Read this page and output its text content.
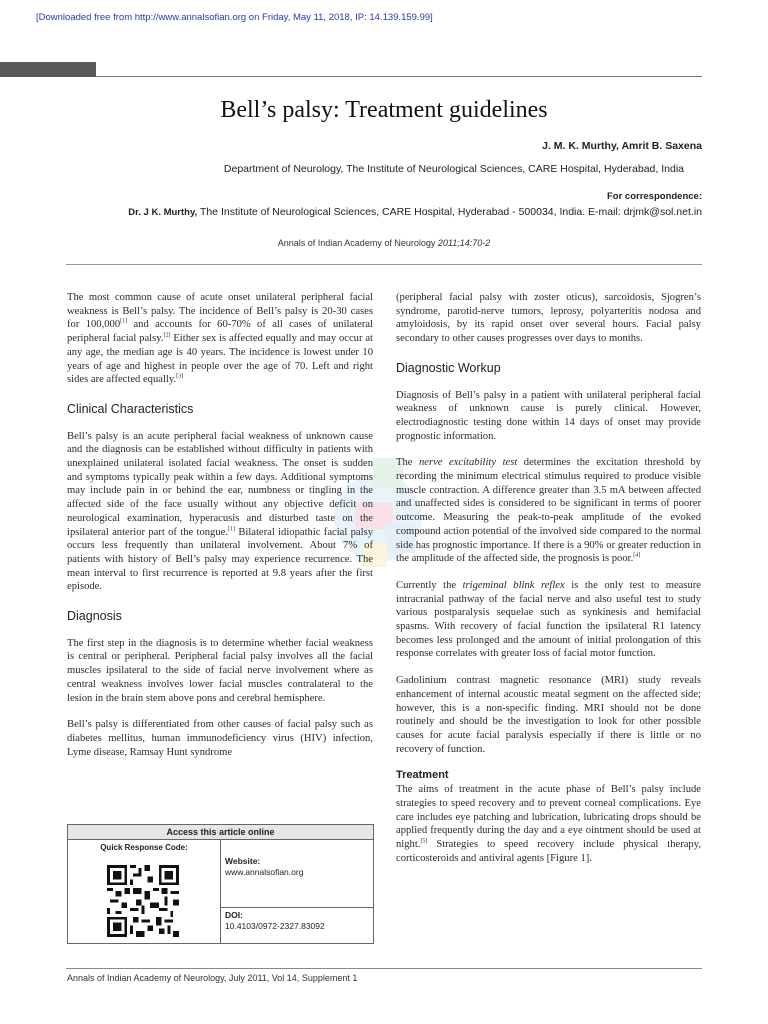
[Downloaded free from http://www.annalsofian.org on Friday, May 11, 2018, IP: 14.139.159.99]
Bell’s palsy: Treatment guidelines
J. M. K. Murthy, Amrit B. Saxena
Department of Neurology, The Institute of Neurological Sciences, CARE Hospital, Hyderabad, India
For correspondence:
Dr. J K. Murthy, The Institute of Neurological Sciences, CARE Hospital, Hyderabad - 500034, India. E-mail: drjmk@sol.net.in
Annals of Indian Academy of Neurology 2011;14:70-2

The most common cause of acute onset unilateral peripheral facial weakness is Bell’s palsy. The incidence of Bell’s palsy is 20-30 cases for 100,000[1] and accounts for 60-70% of all cases of unilateral peripheral facial palsy.[2] Either sex is affected equally and may occur at any age, the median age is 40 years. The incidence is lowest under 10 years of age and highest in people over the age of 70. Left and right sides are affected equally.[3]

Clinical Characteristics

Bell’s palsy is an acute peripheral facial weakness of unknown cause and the diagnosis can be established without difficulty in patients with unexplained unilateral isolated facial weakness. The onset is sudden and symptoms typically peak within a few days. Additional symptoms may include pain in or behind the ear, numbness or tingling in the affected side of the face usually without any objective deficit on neurological examination, hyperacusis and disturbed taste on the ipsilateral anterior part of the tongue.[1] Bilateral idiopathic facial palsy occurs less frequently than unilateral involvement. About 7% of patients with history of Bell’s palsy may experience recurrence. The mean interval to first recurrence is reported at 9.8 years after the first episode.

Diagnosis

The first step in the diagnosis is to determine whether facial weakness is central or peripheral. Peripheral facial palsy involves all the facial muscles ipsilateral to the side of facial nerve involvement where as central weakness involves lower facial muscles contralateral to the lesion in the brain stem above pons and cerebral hemisphere.

Bell’s palsy is differentiated from other causes of facial palsy such as diabetes mellitus, human immunodeficiency virus (HIV) infection, Lyme disease, Ramsay Hunt syndrome

(peripheral facial palsy with zoster oticus), sarcoidosis, Sjogren’s syndrome, parotid-nerve tumors, leprosy, polyarteritis nodosa and amyloidosis, by its rapid onset over several hours. Facial palsy secondary to other causes progresses over days to months.

Diagnostic Workup

Diagnosis of Bell’s palsy in a patient with unilateral peripheral facial weakness of unknown cause is purely clinical. However, electrodiagnostic testing done within 14 days of onset may provide prognostic information.

The nerve excitability test determines the excitation threshold by recording the minimum electrical stimulus required to produce visible muscle contraction. A difference greater than 3.5 mA between affected and unaffected sides is considered to be significant in terms of poorer outcome. Measuring the peak-to-peak amplitude of the evoked compound action potential of the involved side compared to the normal side has prognostic importance. If there is a 90% or greater reduction in the amplitude of the affected side, the prognosis is poor.[4]

Currently the trigeminal blink reflex is the only test to measure intracranial pathway of the facial nerve and also useful test to study various postparalysis sequelae such as synkinesis and hemifacial spasms. With recovery of facial function the ipsilateral R1 latency becomes less prolonged and the amount of initial prolongation of this response correlates with greater loss of facial motor function.

Gadolinium contrast magnetic resonance (MRI) study reveals enhancement of internal acoustic meatal segment on the affected side; however, this is a non-specific finding. MRI should not be done routinely and should be the investigation to look for other possible causes for acute facial paralysis especially if there is little or no recovery of function.

Treatment

The aims of treatment in the acute phase of Bell’s palsy include strategies to speed recovery and to prevent corneal complications. Eye care includes eye patching and lubrication, lubricating drops should be applied frequently during the day and a eye ointment should be used at night.[5] Strategies to speed recovery include physical therapy, corticosteroids and antiviral agents [Figure 1].

Access this article online
Quick Response Code:
Website:
www.annalsofian.org
DOI:
10.4103/0972-2327.83092
Annals of Indian Academy of Neurology, July 2011, Vol 14, Supplement 1
